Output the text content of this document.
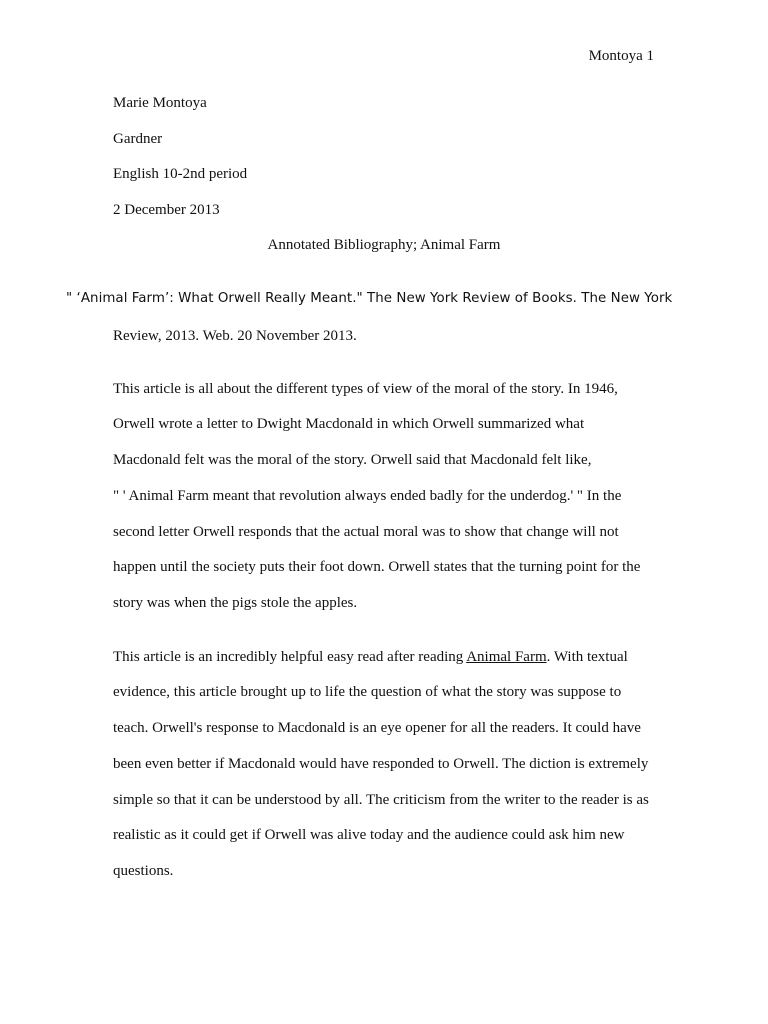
Montoya 1
Marie Montoya
Gardner
English 10-2nd period
2 December 2013
Annotated Bibliography; Animal Farm
" ‘Animal Farm’: What Orwell Really Meant." The New York Review of Books. The New York
Review, 2013. Web. 20 November 2013.
This article is all about the different types of view of the moral of the story. In 1946,
Orwell wrote a letter to Dwight Macdonald in which Orwell summarized what
Macdonald felt was the moral of the story. Orwell said that Macdonald felt like,
" ' Animal Farm meant that revolution always ended badly for the underdog.' " In the
second letter Orwell responds that the actual moral was to show that change will not
happen until the society puts their foot down. Orwell states that the turning point for the
story was when the pigs stole the apples.
This article is an incredibly helpful easy read after reading Animal Farm. With textual
evidence, this article brought up to life the question of what the story was suppose to
teach. Orwell's response to Macdonald is an eye opener for all the readers. It could have
been even better if Macdonald would have responded to Orwell. The diction is extremely
simple so that it can be understood by all. The criticism from the writer to the reader is as
realistic as it could get if Orwell was alive today and the audience could ask him new
questions.
